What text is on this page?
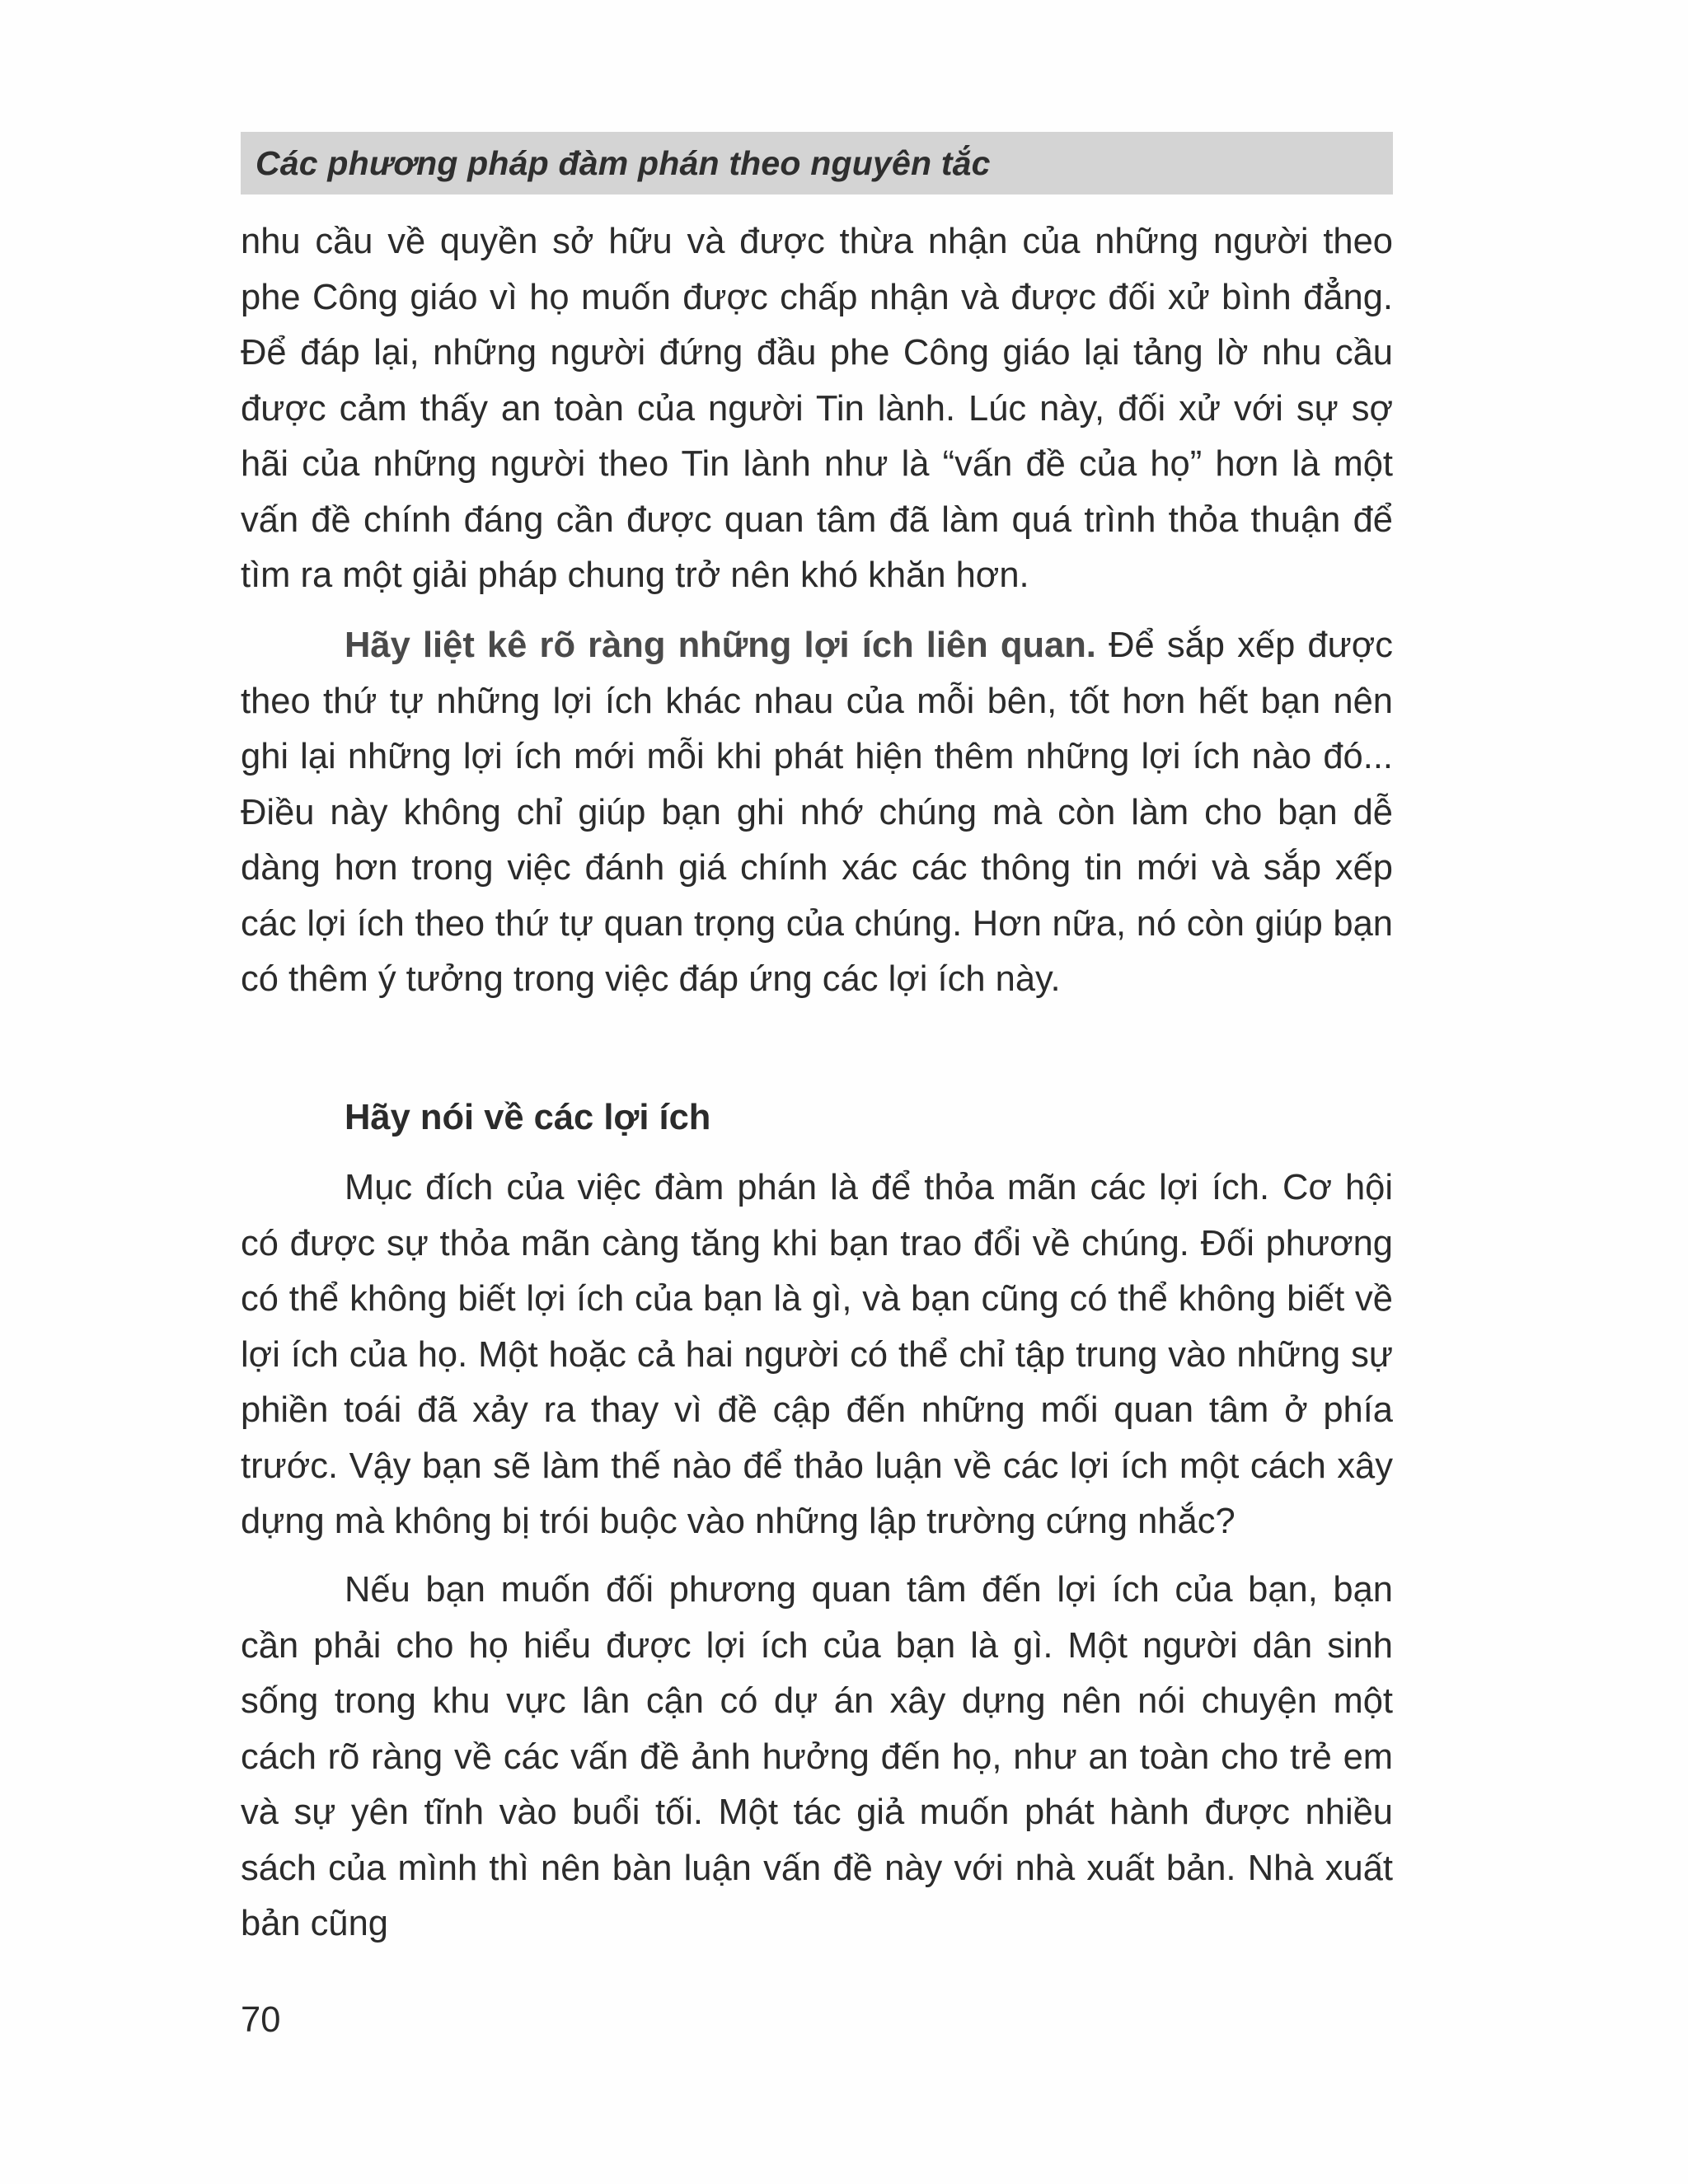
Các phương pháp đàm phán theo nguyên tắc

nhu cầu về quyền sở hữu và được thừa nhận của những người theo phe Công giáo vì họ muốn được chấp nhận và được đối xử bình đẳng. Để đáp lại, những người đứng đầu phe Công giáo lại tảng lờ nhu cầu được cảm thấy an toàn của người Tin lành. Lúc này, đối xử với sự sợ hãi của những người theo Tin lành như là “vấn đề của họ” hơn là một vấn đề chính đáng cần được quan tâm đã làm quá trình thỏa thuận để tìm ra một giải pháp chung trở nên khó khăn hơn.

Hãy liệt kê rõ ràng những lợi ích liên quan. Để sắp xếp được theo thứ tự những lợi ích khác nhau của mỗi bên, tốt hơn hết bạn nên ghi lại những lợi ích mới mỗi khi phát hiện thêm những lợi ích nào đó... Điều này không chỉ giúp bạn ghi nhớ chúng mà còn làm cho bạn dễ dàng hơn trong việc đánh giá chính xác các thông tin mới và sắp xếp các lợi ích theo thứ tự quan trọng của chúng. Hơn nữa, nó còn giúp bạn có thêm ý tưởng trong việc đáp ứng các lợi ích này.

Hãy nói về các lợi ích

Mục đích của việc đàm phán là để thỏa mãn các lợi ích. Cơ hội có được sự thỏa mãn càng tăng khi bạn trao đổi về chúng. Đối phương có thể không biết lợi ích của bạn là gì, và bạn cũng có thể không biết về lợi ích của họ. Một hoặc cả hai người có thể chỉ tập trung vào những sự phiền toái đã xảy ra thay vì đề cập đến những mối quan tâm ở phía trước. Vậy bạn sẽ làm thế nào để thảo luận về các lợi ích một cách xây dựng mà không bị trói buộc vào những lập trường cứng nhắc?

Nếu bạn muốn đối phương quan tâm đến lợi ích của bạn, bạn cần phải cho họ hiểu được lợi ích của bạn là gì. Một người dân sinh sống trong khu vực lân cận có dự án xây dựng nên nói chuyện một cách rõ ràng về các vấn đề ảnh hưởng đến họ, như an toàn cho trẻ em và sự yên tĩnh vào buổi tối. Một tác giả muốn phát hành được nhiều sách của mình thì nên bàn luận vấn đề này với nhà xuất bản. Nhà xuất bản cũng

70
